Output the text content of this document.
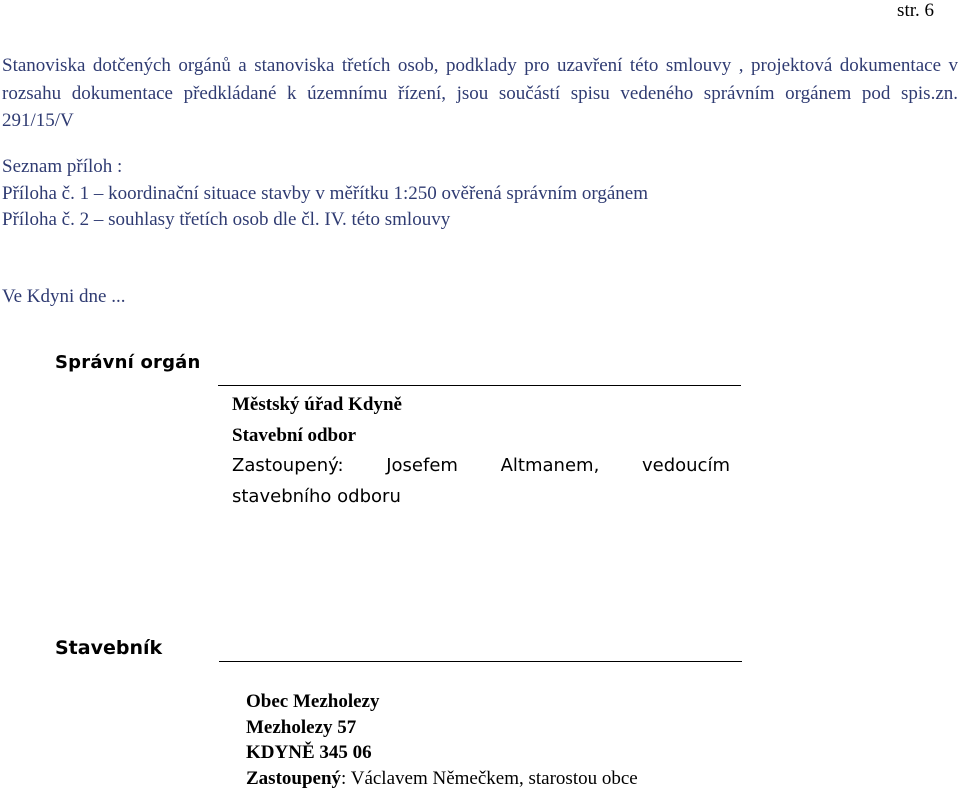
str. 6

Stanoviska dotčených orgánů a stanoviska třetích osob, podklady pro uzavření této smlouvy , projektová dokumentace v rozsahu dokumentace předkládané k územnímu řízení, jsou součástí spisu vedeného správním orgánem pod spis.zn. 291/15/V

Seznam příloh :
Příloha č. 1 – koordinační situace stavby v měřítku 1:250 ověřená správním orgánem
Příloha č. 2 – souhlasy třetích osob dle čl. IV. této smlouvy
Ve Kdyni dne ...
Správní orgán
Městský úřad Kdyně
Stavební odbor
Zastoupený: Josefem Altmanem, vedoucím
stavebního odboru
Stavebník
Obec Mezholezy
Mezholezy 57
KDYNĚ 345 06
Zastoupený: Václavem Němečkem, starostou obce
